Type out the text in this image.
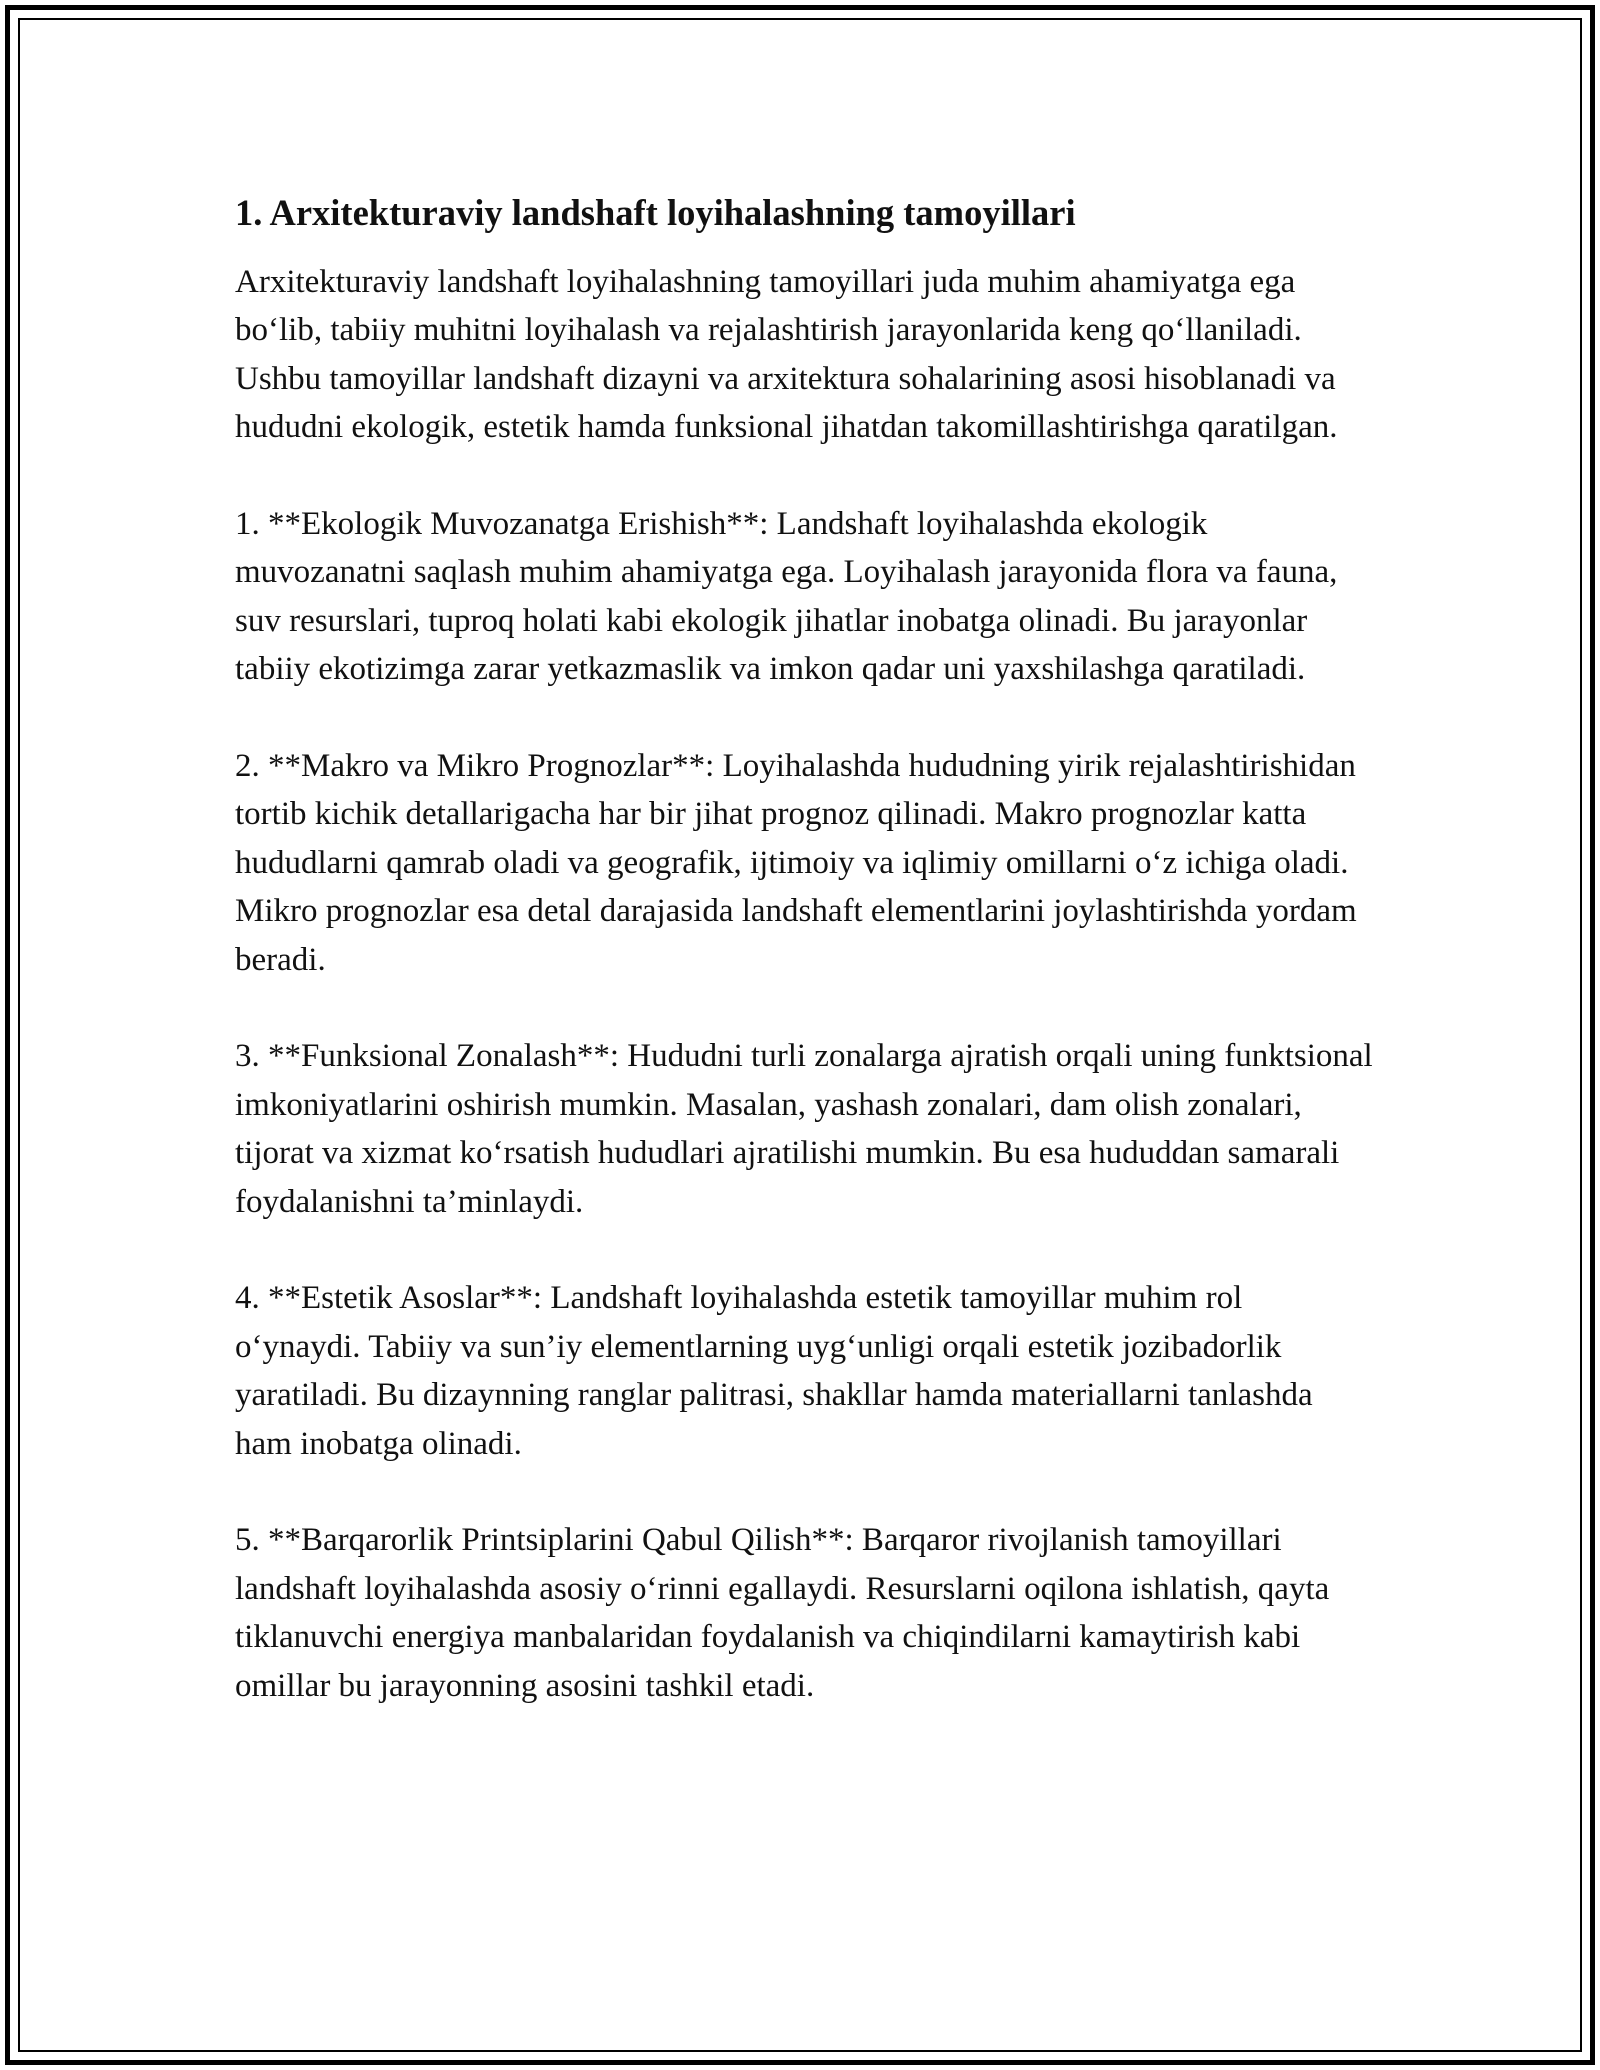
1. Arxitekturaviy landshaft loyihalashning tamoyillari

Arxitekturaviy landshaft loyihalashning tamoyillari juda muhim ahamiyatga ega bo‘lib, tabiiy muhitni loyihalash va rejalashtirish jarayonlarida keng qo‘llaniladi. Ushbu tamoyillar landshaft dizayni va arxitektura sohalarining asosi hisoblanadi va hududni ekologik, estetik hamda funksional jihatdan takomillashtirishga qaratilgan.

1. **Ekologik Muvozanatga Erishish**: Landshaft loyihalashda ekologik muvozanatni saqlash muhim ahamiyatga ega. Loyihalash jarayonida flora va fauna, suv resurslari, tuproq holati kabi ekologik jihatlar inobatga olinadi. Bu jarayonlar tabiiy ekotizimga zarar yetkazmaslik va imkon qadar uni yaxshilashga qaratiladi.

2. **Makro va Mikro Prognozlar**: Loyihalashda hududning yirik rejalashtirishidan tortib kichik detallarigacha har bir jihat prognoz qilinadi. Makro prognozlar katta hududlarni qamrab oladi va geografik, ijtimoiy va iqlimiy omillarni o‘z ichiga oladi. Mikro prognozlar esa detal darajasida landshaft elementlarini joylashtirishda yordam beradi.

3. **Funksional Zonalash**: Hududni turli zonalarga ajratish orqali uning funktsional imkoniyatlarini oshirish mumkin. Masalan, yashash zonalari, dam olish zonalari, tijorat va xizmat ko‘rsatish hududlari ajratilishi mumkin. Bu esa hududdan samarali foydalanishni ta’minlaydi.

4. **Estetik Asoslar**: Landshaft loyihalashda estetik tamoyillar muhim rol o‘ynaydi. Tabiiy va sun’iy elementlarning uyg‘unligi orqali estetik jozibadorlik yaratiladi. Bu dizaynning ranglar palitrasi, shakllar hamda materiallarni tanlashda ham inobatga olinadi.

5. **Barqarorlik Printsiplarini Qabul Qilish**: Barqaror rivojlanish tamoyillari landshaft loyihalashda asosiy o‘rinni egallaydi. Resurslarni oqilona ishlatish, qayta tiklanuvchi energiya manbalaridan foydalanish va chiqindilarni kamaytirish kabi omillar bu jarayonning asosini tashkil etadi.
